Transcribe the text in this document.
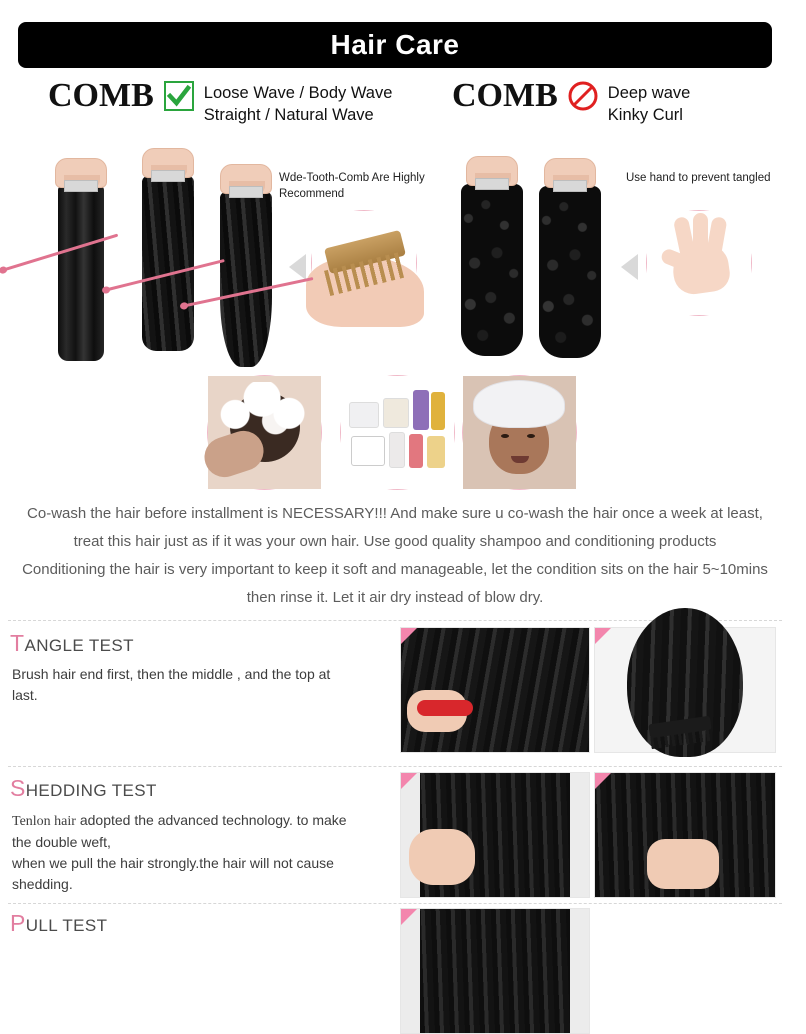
Hair Care
COMB	Loose Wave / Body Wave
Straight / Natural Wave
COMB	Deep wave
Kinky Curl
Wde-Tooth-Comb Are Highly
Recommend
Use hand to prevent tangled
Co-wash the hair before installment is NECESSARY!!! And make sure u co-wash the hair once a week at least,
treat this hair just as if it was your own hair. Use good quality shampoo and conditioning products
Conditioning the hair is very important to keep it soft and manageable, let the condition sits on the hair 5~10mins
then rinse it. Let it air dry instead of blow dry.
TANGLE TEST
Brush hair end first, then the middle , and the top at
last.
SHEDDING TEST
Tenlon hair adopted the advanced technology. to make
the double weft,
when we pull the hair strongly.the hair will not cause
shedding.
PULL TEST
